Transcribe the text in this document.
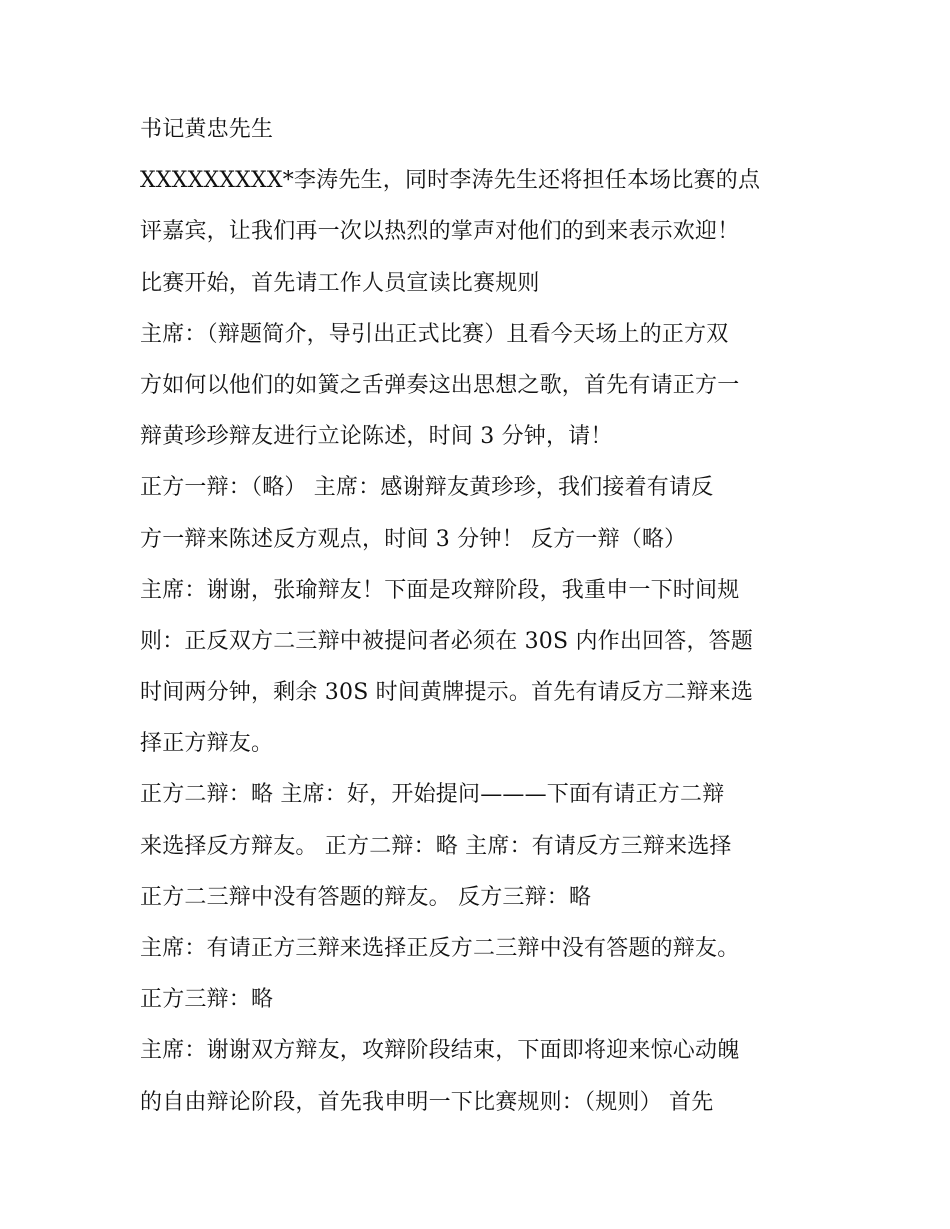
书记黄忠先生
XXXXXXXXX*李涛先生，同时李涛先生还将担任本场比赛的点
评嘉宾，让我们再一次以热烈的掌声对他们的到来表示欢迎！
比赛开始，首先请工作人员宣读比赛规则
主席：（辩题简介，导引出正式比赛）且看今天场上的正方双
方如何以他们的如簧之舌弹奏这出思想之歌，首先有请正方一
辩黄珍珍辩友进行立论陈述，时间 3 分钟，请！
正方一辩：（略） 主席：感谢辩友黄珍珍，我们接着有请反
方一辩来陈述反方观点，时间 3 分钟！ 反方一辩（略）
主席：谢谢，张瑜辩友！下面是攻辩阶段，我重申一下时间规
则：正反双方二三辩中被提问者必须在 30S 内作出回答，答题
时间两分钟，剩余 30S 时间黄牌提示。首先有请反方二辩来选
择正方辩友。
正方二辩：略 主席：好，开始提问———下面有请正方二辩
来选择反方辩友。 正方二辩：略 主席：有请反方三辩来选择
正方二三辩中没有答题的辩友。 反方三辩：略
主席：有请正方三辩来选择正反方二三辩中没有答题的辩友。
正方三辩：略
主席：谢谢双方辩友，攻辩阶段结束，下面即将迎来惊心动魄
的自由辩论阶段，首先我申明一下比赛规则：（规则） 首先
